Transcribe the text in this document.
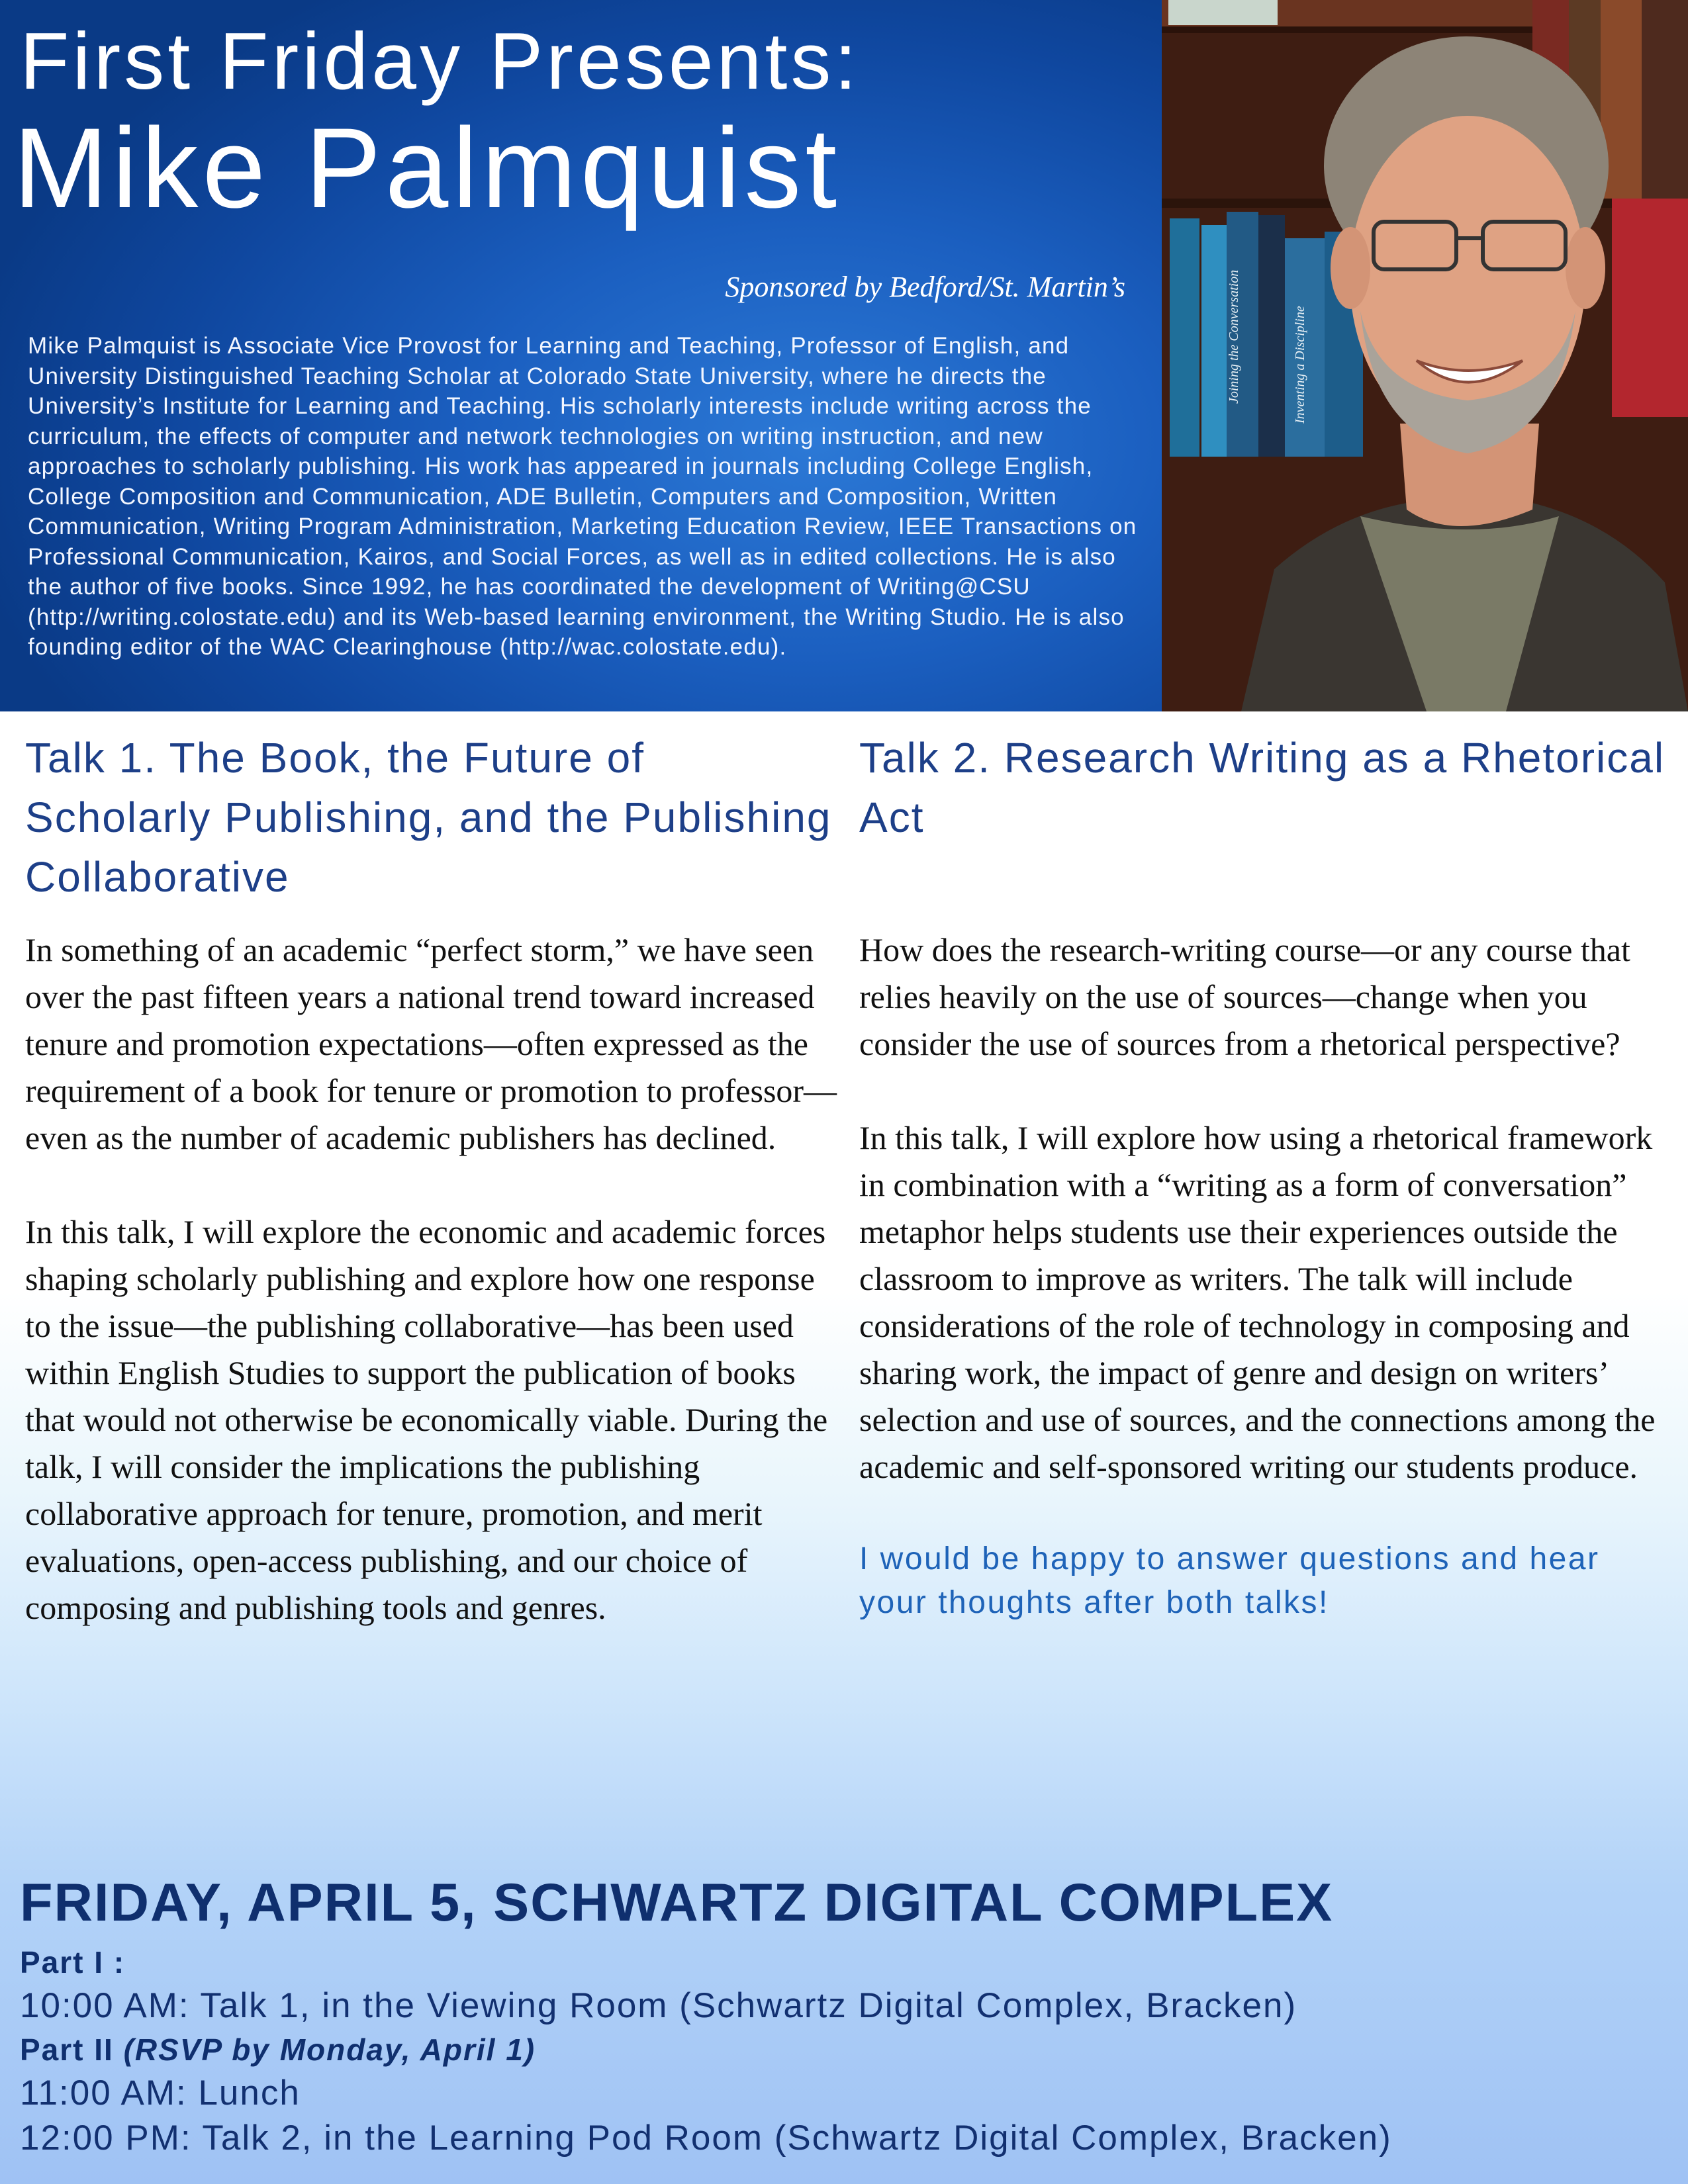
First Friday Presents:
Mike Palmquist

Sponsored by Bedford/St. Martin’s

Mike Palmquist is Associate Vice Provost for Learning and Teaching, Professor of English, and University Distinguished Teaching Scholar at Colorado State University, where he directs the University’s Institute for Learning and Teaching. His scholarly interests include writing across the curriculum, the effects of computer and network technologies on writing instruction, and new approaches to scholarly publishing. His work has appeared in journals including College English, College Composition and Communication, ADE Bulletin, Computers and Composition, Written Communication, Writing Program Administration, Marketing Education Review, IEEE Transactions on Professional Communication, Kairos, and Social Forces, as well as in edited collections. He is also the author of five books. Since 1992, he has coordinated the development of Writing@CSU (http://writing.colostate.edu) and its Web-based learning environment, the Writing Studio. He is also founding editor of the WAC Clearinghouse (http://wac.colostate.edu).

Joining the Conversation	Inventing a Discipline
Talk 1. The Book, the Future of Scholarly Publishing, and the Publishing Collaborative

In something of an academic “perfect storm,” we have seen over the past fifteen years a national trend toward increased tenure and promotion expectations—often expressed as the requirement of a book for tenure or promotion to professor—even as the number of academic publishers has declined.

In this talk, I will explore the economic and academic forces shaping scholarly publishing and explore how one response to the issue—the publishing collaborative—has been used within English Studies to support the publication of books that would not otherwise be economically viable. During the talk, I will consider the implications the publishing collaborative approach for tenure, promotion, and merit evaluations, open-access publishing, and our choice of composing and publishing tools and genres.

Talk 2. Research Writing as a Rhetorical Act

How does the research-writing course—or any course that relies heavily on the use of sources—change when you consider the use of sources from a rhetorical perspective?

In this talk, I will explore how using a rhetorical framework in combination with a “writing as a form of conversation” metaphor helps students use their experiences outside the classroom to improve as writers. The talk will include considerations of the role of technology in composing and sharing work, the impact of genre and design on writers’ selection and use of sources, and the connections among the academic and self-sponsored writing our students produce.

I would be happy to answer questions and hear your thoughts after both talks!

FRIDAY, APRIL 5, SCHWARTZ DIGITAL COMPLEX

Part I :

10:00 AM: Talk 1, in the Viewing Room (Schwartz Digital Complex, Bracken)

Part II (RSVP by Monday, April 1)

11:00 AM: Lunch

12:00 PM: Talk 2, in the Learning Pod Room (Schwartz Digital Complex, Bracken)
